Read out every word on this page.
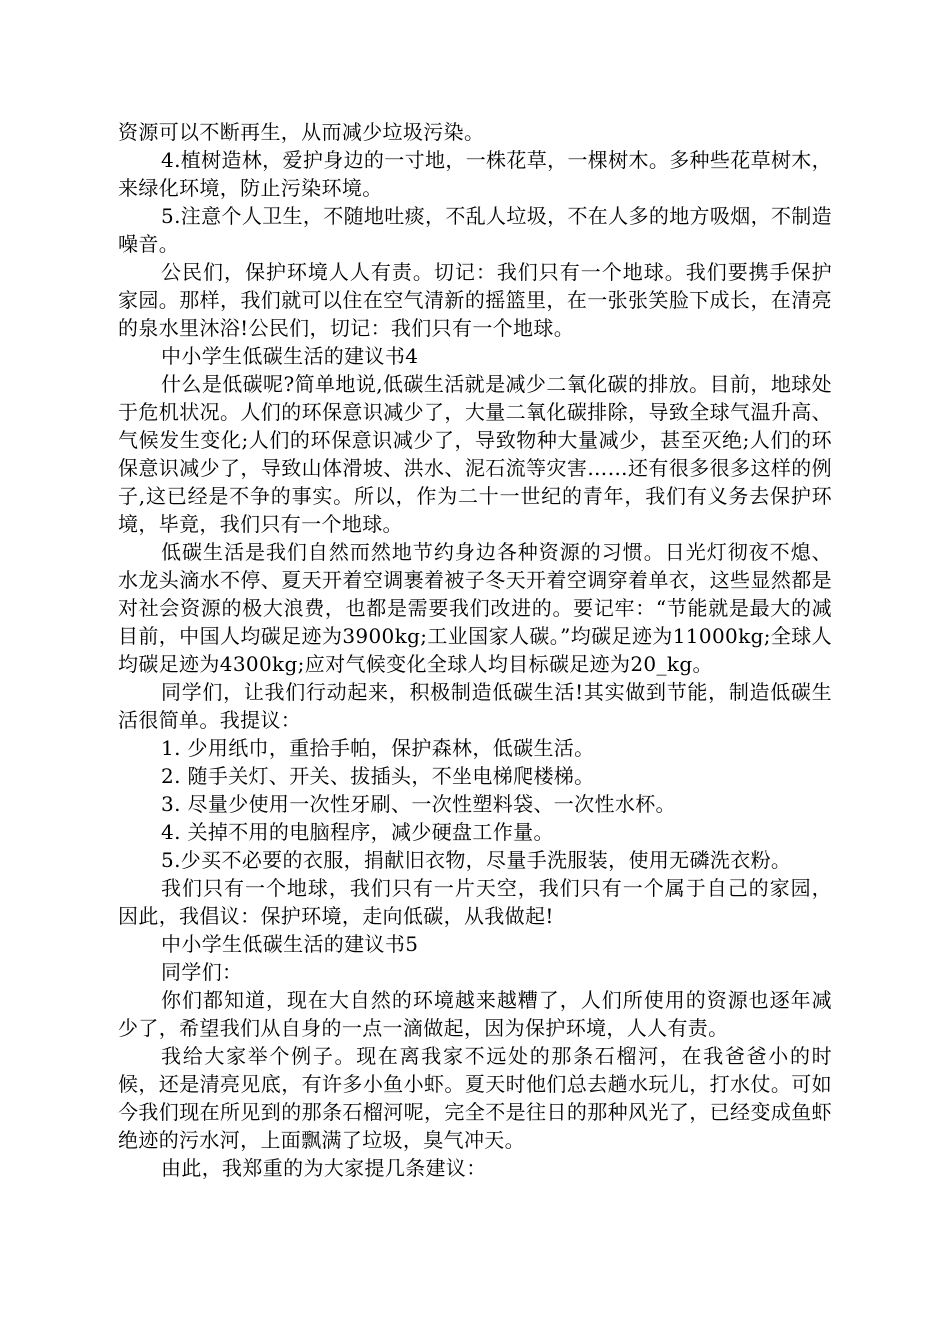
资源可以不断再生，从而减少垃圾污染。

4.植树造林，爱护身边的一寸地，一株花草，一棵树木。多种些花草树木，来绿化环境，防止污染环境。

5.注意个人卫生，不随地吐痰，不乱人垃圾，不在人多的地方吸烟，不制造噪音。

公民们，保护环境人人有责。切记：我们只有一个地球。我们要携手保护家园。那样，我们就可以住在空气清新的摇篮里，在一张张笑脸下成长，在清亮的泉水里沐浴!公民们，切记：我们只有一个地球。

中小学生低碳生活的建议书4

什么是低碳呢?简单地说,低碳生活就是减少二氧化碳的排放。目前，地球处于危机状况。人们的环保意识减少了，大量二氧化碳排除，导致全球气温升高、气候发生变化;人们的环保意识减少了，导致物种大量减少，甚至灭绝;人们的环保意识减少了，导致山体滑坡、洪水、泥石流等灾害……还有很多很多这样的例子,这已经是不争的事实。所以，作为二十一世纪的青年，我们有义务去保护环境，毕竟，我们只有一个地球。

低碳生活是我们自然而然地节约身边各种资源的习惯。日光灯彻夜不熄、水龙头滴水不停、夏天开着空调裹着被子冬天开着空调穿着单衣，这些显然都是对社会资源的极大浪费，也都是需要我们改进的。要记牢：“节能就是最大的减目前，中国人均碳足迹为3900kg;工业国家人碳。”均碳足迹为11000kg;全球人均碳足迹为4300kg;应对气候变化全球人均目标碳足迹为20_kg。

同学们，让我们行动起来，积极制造低碳生活!其实做到节能，制造低碳生活很简单。我提议：

1. 少用纸巾，重拾手帕，保护森林，低碳生活。

2. 随手关灯、开关、拔插头，不坐电梯爬楼梯。

3. 尽量少使用一次性牙刷、一次性塑料袋、一次性水杯。

4. 关掉不用的电脑程序，减少硬盘工作量。

5.少买不必要的衣服，捐献旧衣物，尽量手洗服装，使用无磷洗衣粉。

我们只有一个地球，我们只有一片天空，我们只有一个属于自己的家园，因此，我倡议：保护环境，走向低碳，从我做起!

中小学生低碳生活的建议书5

同学们：

你们都知道，现在大自然的环境越来越糟了，人们所使用的资源也逐年减少了，希望我们从自身的一点一滴做起，因为保护环境，人人有责。

我给大家举个例子。现在离我家不远处的那条石榴河，在我爸爸小的时候，还是清亮见底，有许多小鱼小虾。夏天时他们总去趟水玩儿，打水仗。可如今我们现在所见到的那条石榴河呢，完全不是往日的那种风光了，已经变成鱼虾绝迹的污水河，上面飘满了垃圾，臭气冲天。

由此，我郑重的为大家提几条建议：
